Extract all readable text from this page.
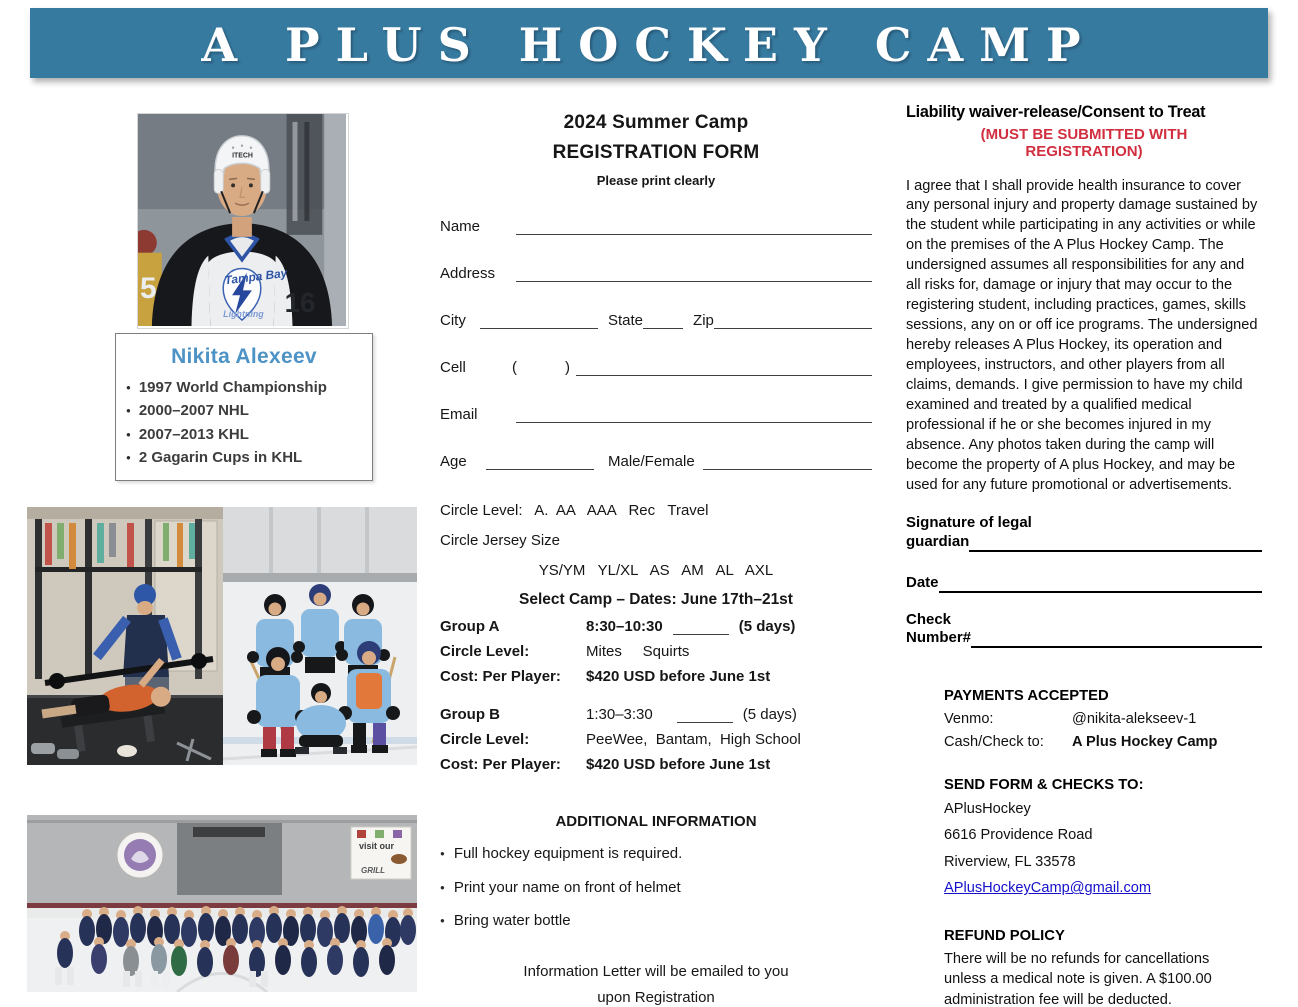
A PLUS HOCKEY CAMP
5
ITECH
Tampa Bay
Lightning 16
Nikita Alexeev
● 1997 World Championship
● 2000–2007 NHL
● 2007–2013 KHL
● 2 Gagarin Cups in KHL
visit our
GRILL
2024 Summer Camp
REGISTRATION FORM
Please print clearly
Name
Address
City	State	Zip
Cell	(	)
Email
Age	Male/Female
Circle Level: A.  AA   AAA   Rec   Travel
Circle Jersey Size
YS/YM   YL/XL   AS   AM   AL   AXL
Select Camp – Dates: June 17th–21st
Group A	8:30–10:30	(5 days)
Circle Level:	Mites     Squirts
Cost: Per Player:	$420 USD before June 1st
Group B	1:30–3:30	(5 days)
Circle Level:	PeeWee,  Bantam,  High School
Cost: Per Player:	$420 USD before June 1st
ADDITIONAL INFORMATION
● Full hockey equipment is required.
● Print your name on front of helmet
● Bring water bottle
Information Letter will be emailed to you
upon Registration
Liability waiver-release/Consent to Treat
(MUST BE SUBMITTED WITH
REGISTRATION)
I agree that I shall provide health insurance to cover any personal injury and property damage sustained by the student while participating in any activities or while on the premises of the A Plus Hockey Camp. The undersigned assumes all responsibilities for any and all risks for, damage or injury that may occur to the registering student, including practices, games, skills sessions, any on or off ice programs. The undersigned hereby releases A Plus Hockey, its operation and employees, instructors, and other players from all claims, demands. I give permission to have my child examined and treated by a qualified medical professional if he or she becomes injured in my absence. Any photos taken during the camp will become the property of A plus Hockey, and may be used for any future promotional or advertisements.
Signature of legal
guardian
Date
Check
Number#
PAYMENTS ACCEPTED
Venmo:	@nikita-alekseev-1
Cash/Check to:	A Plus Hockey Camp
SEND FORM & CHECKS TO:
APlusHockey
6616 Providence Road
Riverview, FL 33578
APlusHockeyCamp@gmail.com
REFUND POLICY
There will be no refunds for cancellations unless a medical note is given. A $100.00 administration fee will be deducted.
